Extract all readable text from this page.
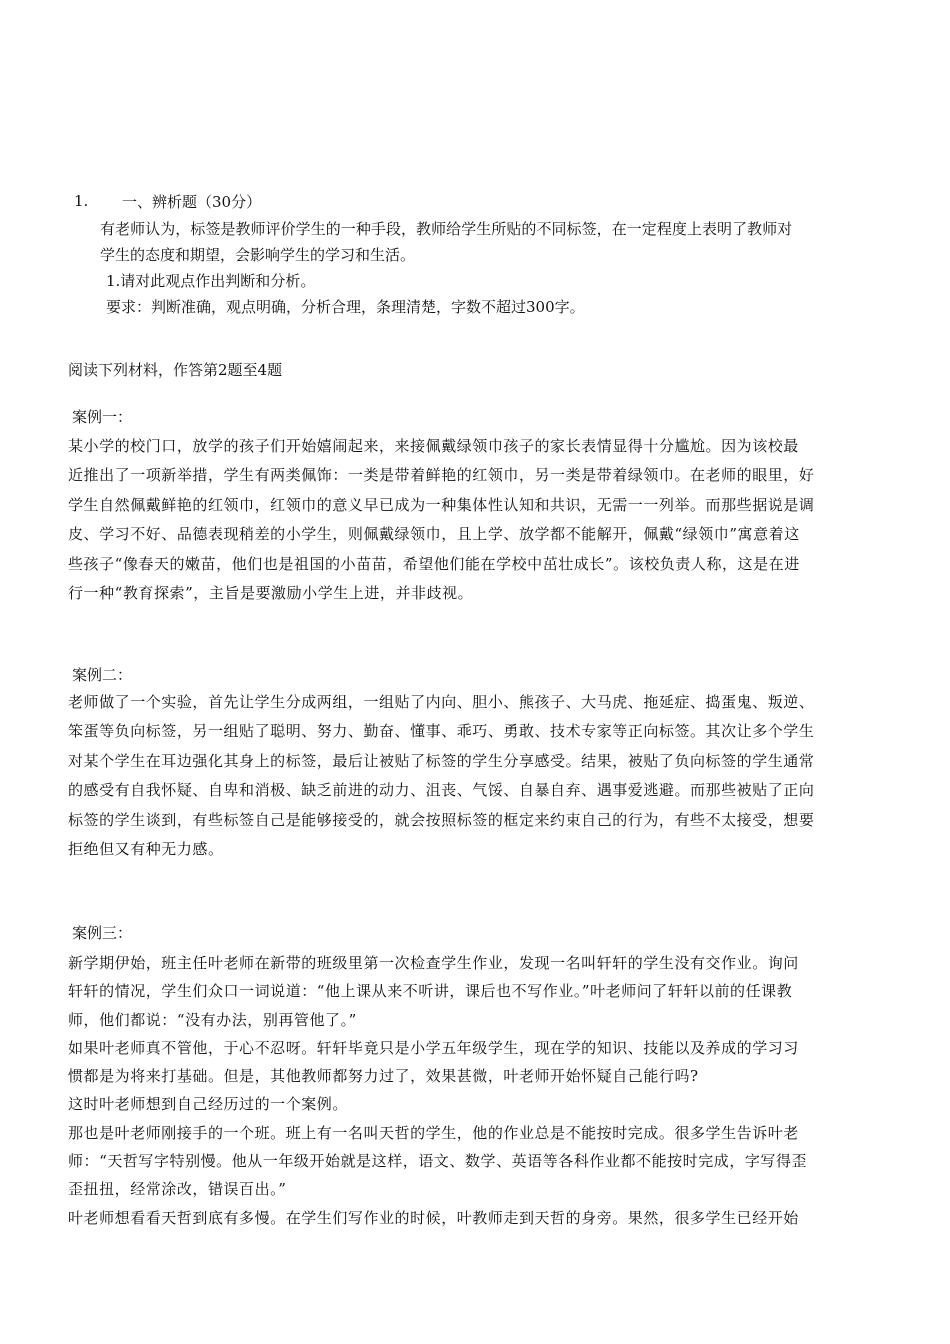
1. 一、辨析题（30分）
有老师认为，标签是教师评价学生的一种手段，教师给学生所贴的不同标签，在一定程度上表明了教师对
学生的态度和期望，会影响学生的学习和生活。
1.请对此观点作出判断和分析。
要求：判断准确，观点明确，分析合理，条理清楚，字数不超过300字。
阅读下列材料，作答第2题至4题
案例一：
某小学的校门口，放学的孩子们开始嬉闹起来，来接佩戴绿领巾孩子的家长表情显得十分尴尬。因为该校最
近推出了一项新举措，学生有两类佩饰：一类是带着鲜艳的红领巾，另一类是带着绿领巾。在老师的眼里，好
学生自然佩戴鲜艳的红领巾，红领巾的意义早已成为一种集体性认知和共识，无需一一列举。而那些据说是调
皮、学习不好、品德表现稍差的小学生，则佩戴绿领巾，且上学、放学都不能解开，佩戴“绿领巾”寓意着这
些孩子“像春天的嫩苗，他们也是祖国的小苗苗，希望他们能在学校中茁壮成长”。该校负责人称，这是在进
行一种“教育探索”，主旨是要激励小学生上进，并非歧视。
案例二：
老师做了一个实验，首先让学生分成两组，一组贴了内向、胆小、熊孩子、大马虎、拖延症、捣蛋鬼、叛逆、
笨蛋等负向标签，另一组贴了聪明、努力、勤奋、懂事、乖巧、勇敢、技术专家等正向标签。其次让多个学生
对某个学生在耳边强化其身上的标签，最后让被贴了标签的学生分享感受。结果，被贴了负向标签的学生通常
的感受有自我怀疑、自卑和消极、缺乏前进的动力、沮丧、气馁、自暴自弃、遇事爱逃避。而那些被贴了正向
标签的学生谈到，有些标签自己是能够接受的，就会按照标签的框定来约束自己的行为，有些不太接受，想要
拒绝但又有种无力感。
案例三：
新学期伊始，班主任叶老师在新带的班级里第一次检查学生作业，发现一名叫轩轩的学生没有交作业。询问
轩轩的情况，学生们众口一词说道：“他上课从来不听讲，课后也不写作业。”叶老师问了轩轩以前的任课教
师，他们都说：“没有办法，别再管他了。”
如果叶老师真不管他，于心不忍呀。轩轩毕竟只是小学五年级学生，现在学的知识、技能以及养成的学习习
惯都是为将来打基础。但是，其他教师都努力过了，效果甚微，叶老师开始怀疑自己能行吗?
这时叶老师想到自己经历过的一个案例。
那也是叶老师刚接手的一个班。班上有一名叫天哲的学生，他的作业总是不能按时完成。很多学生告诉叶老
师：“天哲写字特别慢。他从一年级开始就是这样，语文、数学、英语等各科作业都不能按时完成，字写得歪
歪扭扭，经常涂改，错误百出。”
叶老师想看看天哲到底有多慢。在学生们写作业的时候，叶教师走到天哲的身旁。果然，很多学生已经开始
